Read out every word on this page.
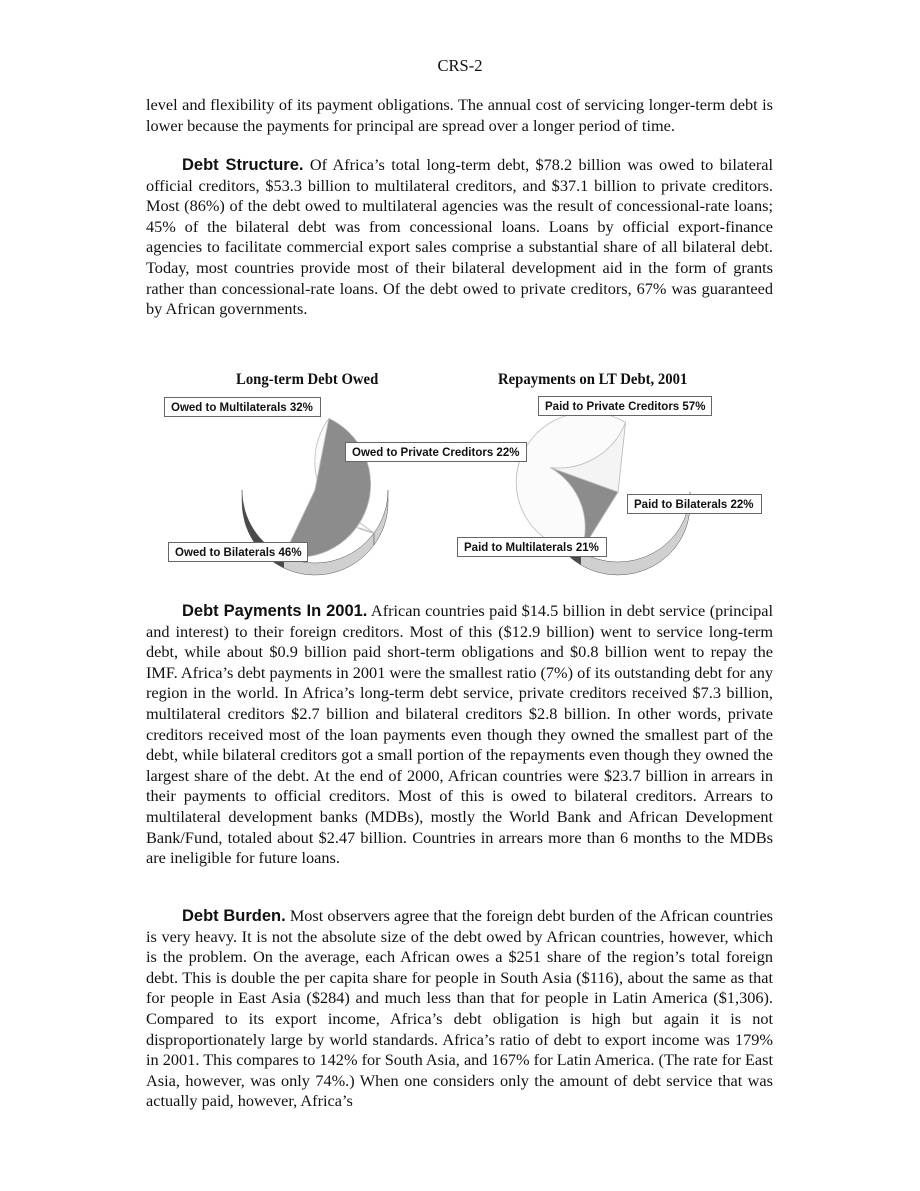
CRS-2

level and flexibility of its payment obligations. The annual cost of servicing longer-term debt is lower because the payments for principal are spread over a longer period of time.

Debt Structure. Of Africa’s total long-term debt, $78.2 billion was owed to bilateral official creditors, $53.3 billion to multilateral creditors, and $37.1 billion to private creditors. Most (86%) of the debt owed to multilateral agencies was the result of concessional-rate loans; 45% of the bilateral debt was from concessional loans. Loans by official export-finance agencies to facilitate commercial export sales comprise a substantial share of all bilateral debt. Today, most countries provide most of their bilateral development aid in the form of grants rather than concessional-rate loans. Of the debt owed to private creditors, 67% was guaranteed by African governments.

Long-term Debt Owed	Repayments on LT Debt, 2001
Owed to Multilaterals 32%
Owed to Private Creditors 22%
Owed to Bilaterals 46%
Paid to Private Creditors 57%
Paid to Bilaterals 22%
Paid to Multilaterals 21%

Debt Payments In 2001. African countries paid $14.5 billion in debt service (principal and interest) to their foreign creditors. Most of this ($12.9 billion) went to service long-term debt, while about $0.9 billion paid short-term obligations and $0.8 billion went to repay the IMF. Africa’s debt payments in 2001 were the smallest ratio (7%) of its outstanding debt for any region in the world. In Africa’s long-term debt service, private creditors received $7.3 billion, multilateral creditors $2.7 billion and bilateral creditors $2.8 billion. In other words, private creditors received most of the loan payments even though they owned the smallest part of the debt, while bilateral creditors got a small portion of the repayments even though they owned the largest share of the debt. At the end of 2000, African countries were $23.7 billion in arrears in their payments to official creditors. Most of this is owed to bilateral creditors. Arrears to multilateral development banks (MDBs), mostly the World Bank and African Development Bank/Fund, totaled about $2.47 billion. Countries in arrears more than 6 months to the MDBs are ineligible for future loans.

Debt Burden. Most observers agree that the foreign debt burden of the African countries is very heavy. It is not the absolute size of the debt owed by African countries, however, which is the problem. On the average, each African owes a $251 share of the region’s total foreign debt. This is double the per capita share for people in South Asia ($116), about the same as that for people in East Asia ($284) and much less than that for people in Latin America ($1,306). Compared to its export income, Africa’s debt obligation is high but again it is not disproportionately large by world standards. Africa’s ratio of debt to export income was 179% in 2001. This compares to 142% for South Asia, and 167% for Latin America. (The rate for East Asia, however, was only 74%.) When one considers only the amount of debt service that was actually paid, however, Africa’s
